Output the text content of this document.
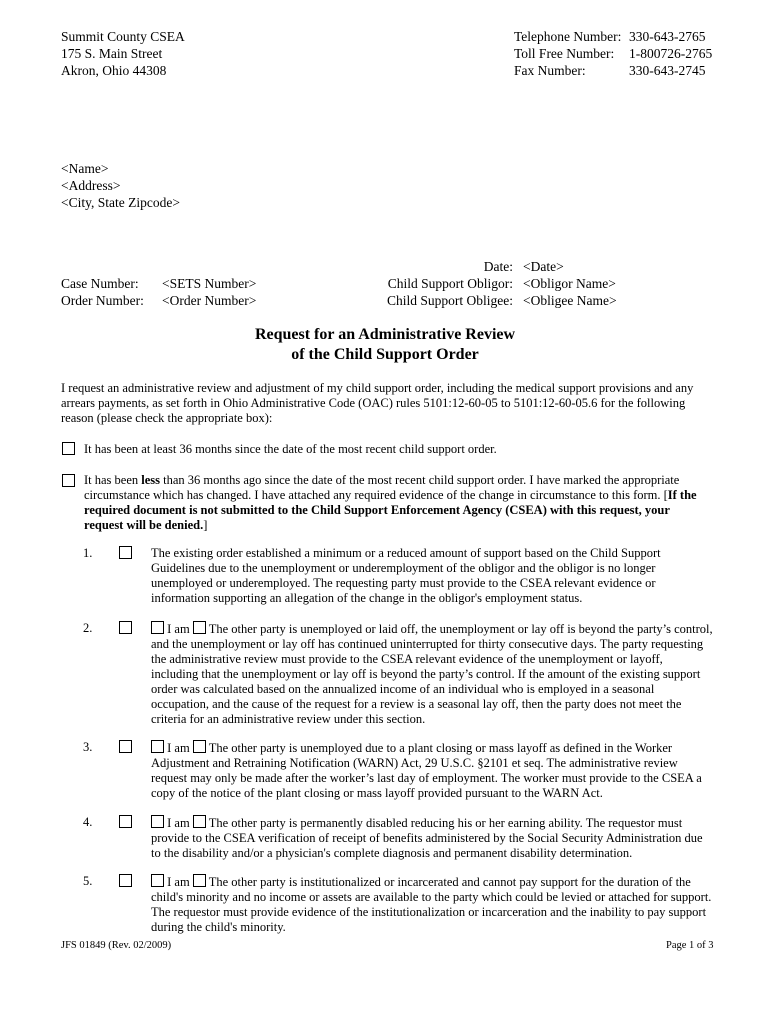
Summit County CSEA
175 S. Main Street
Akron, Ohio 44308
Telephone Number: 330-643-2765
Toll Free Number:	1-800726-2765
Fax Number:	330-643-2745
<Name>
<Address>
<City, State Zipcode>
Case Number:	<SETS Number>
Order Number:	<Order Number>
Date: <Date>
Child Support Obligor: <Obligor Name>
Child Support Obligee: <Obligee Name>
Request for an Administrative Review
of the Child Support Order
I request an administrative review and adjustment of my child support order, including the medical support provisions and any arrears payments, as set forth in Ohio Administrative Code (OAC) rules 5101:12-60-05 to 5101:12-60-05.6 for the following reason (please check the appropriate box):
It has been at least 36 months since the date of the most recent child support order.
It has been less than 36 months ago since the date of the most recent child support order. I have marked the appropriate circumstance which has changed. I have attached any required evidence of the change in circumstance to this form. [If the required document is not submitted to the Child Support Enforcement Agency (CSEA) with this request, your request will be denied.]
1.	The existing order established a minimum or a reduced amount of support based on the Child Support Guidelines due to the unemployment or underemployment of the obligor and the obligor is no longer unemployed or underemployed. The requesting party must provide to the CSEA relevant evidence or information supporting an allegation of the change in the obligor's employment status.
2.	I am The other party is unemployed or laid off, the unemployment or lay off is beyond the party’s control, and the unemployment or lay off has continued uninterrupted for thirty consecutive days. The party requesting the administrative review must provide to the CSEA relevant evidence of the unemployment or layoff, including that the unemployment or lay off is beyond the party’s control. If the amount of the existing support order was calculated based on the annualized income of an individual who is employed in a seasonal occupation, and the cause of the request for a review is a seasonal lay off, then the party does not meet the criteria for an administrative review under this section.
3.	I am The other party is unemployed due to a plant closing or mass layoff as defined in the Worker Adjustment and Retraining Notification (WARN) Act, 29 U.S.C. §2101 et seq. The administrative review request may only be made after the worker’s last day of employment. The worker must provide to the CSEA a copy of the notice of the plant closing or mass layoff provided pursuant to the WARN Act.
4.	I am The other party is permanently disabled reducing his or her earning ability. The requestor must provide to the CSEA verification of receipt of benefits administered by the Social Security Administration due to the disability and/or a physician's complete diagnosis and permanent disability determination.
5.	I am The other party is institutionalized or incarcerated and cannot pay support for the duration of the child's minority and no income or assets are available to the party which could be levied or attached for support. The requestor must provide evidence of the institutionalization or incarceration and the inability to pay support during the child's minority.
JFS 01849 (Rev. 02/2009)	Page 1 of 3
